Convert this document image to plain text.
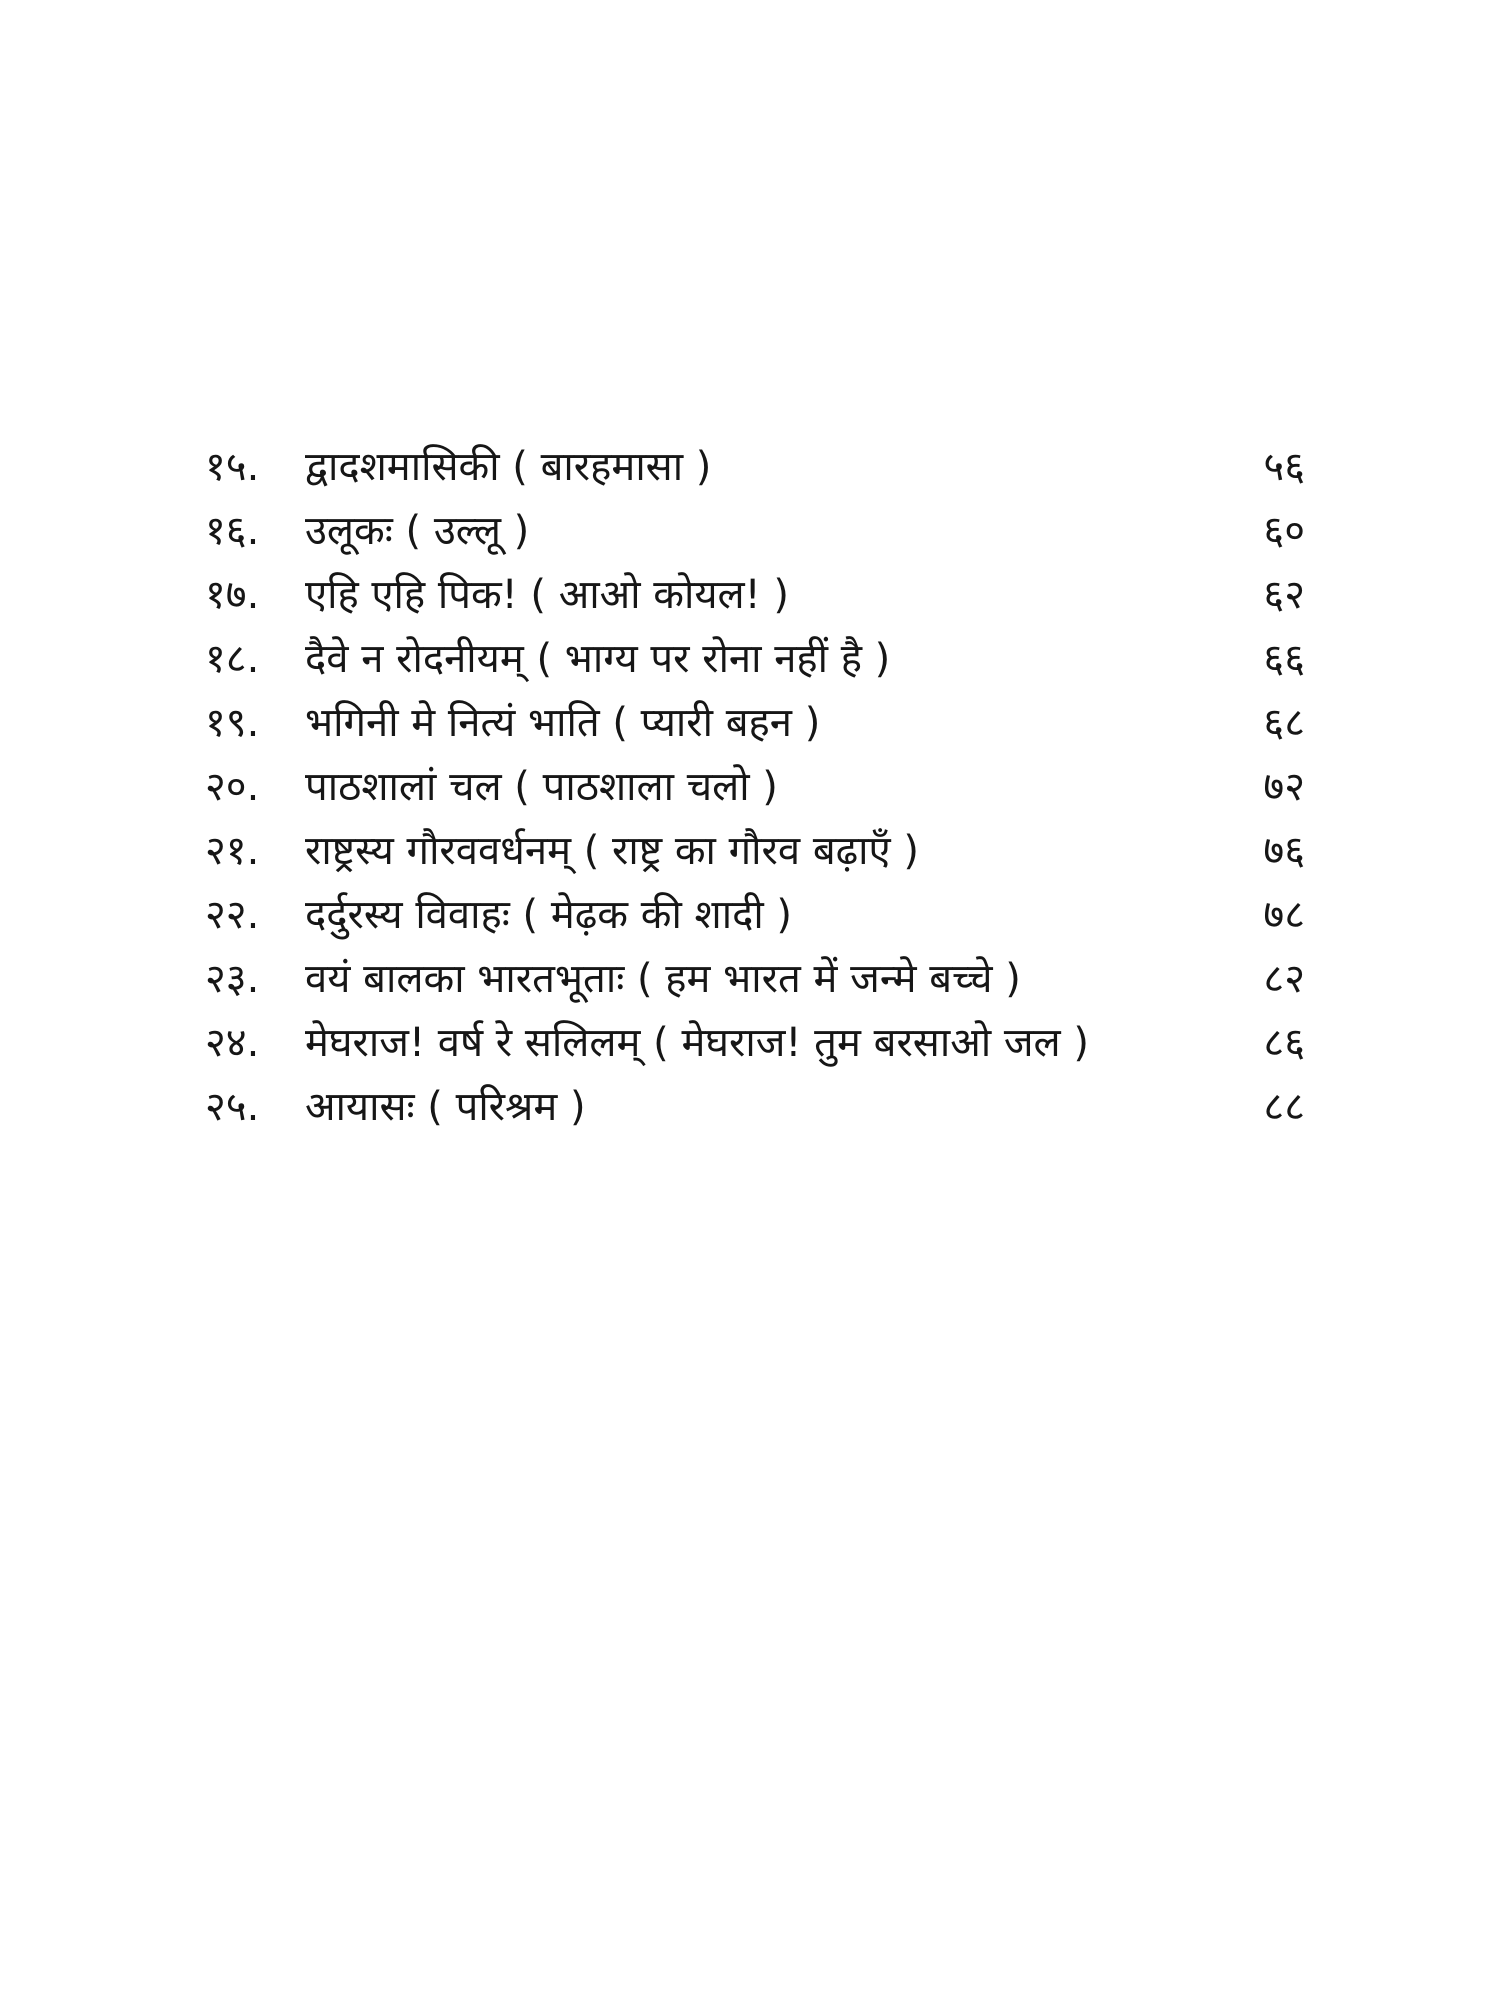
१५.	द्वादशमासिकी ( बारहमासा )	५६
१६.	उलूकः ( उल्लू )	६०
१७.	एहि एहि पिक! ( आओ कोयल! )	६२
१८.	दैवे न रोदनीयम् ( भाग्य पर रोना नहीं है )	६६
१९.	भगिनी मे नित्यं भाति ( प्यारी बहन )	६८
२०.	पाठशालां चल ( पाठशाला चलो )	७२
२१.	राष्ट्रस्य गौरववर्धनम् ( राष्ट्र का गौरव बढ़ाएँ )	७६
२२.	दर्दुरस्य विवाहः ( मेढ़क की शादी )	७८
२३.	वयं बालका भारतभूताः ( हम भारत में जन्मे बच्चे )	८२
२४.	मेघराज! वर्ष रे सलिलम् ( मेघराज! तुम बरसाओ जल )	८६
२५.	आयासः ( परिश्रम )	८८
